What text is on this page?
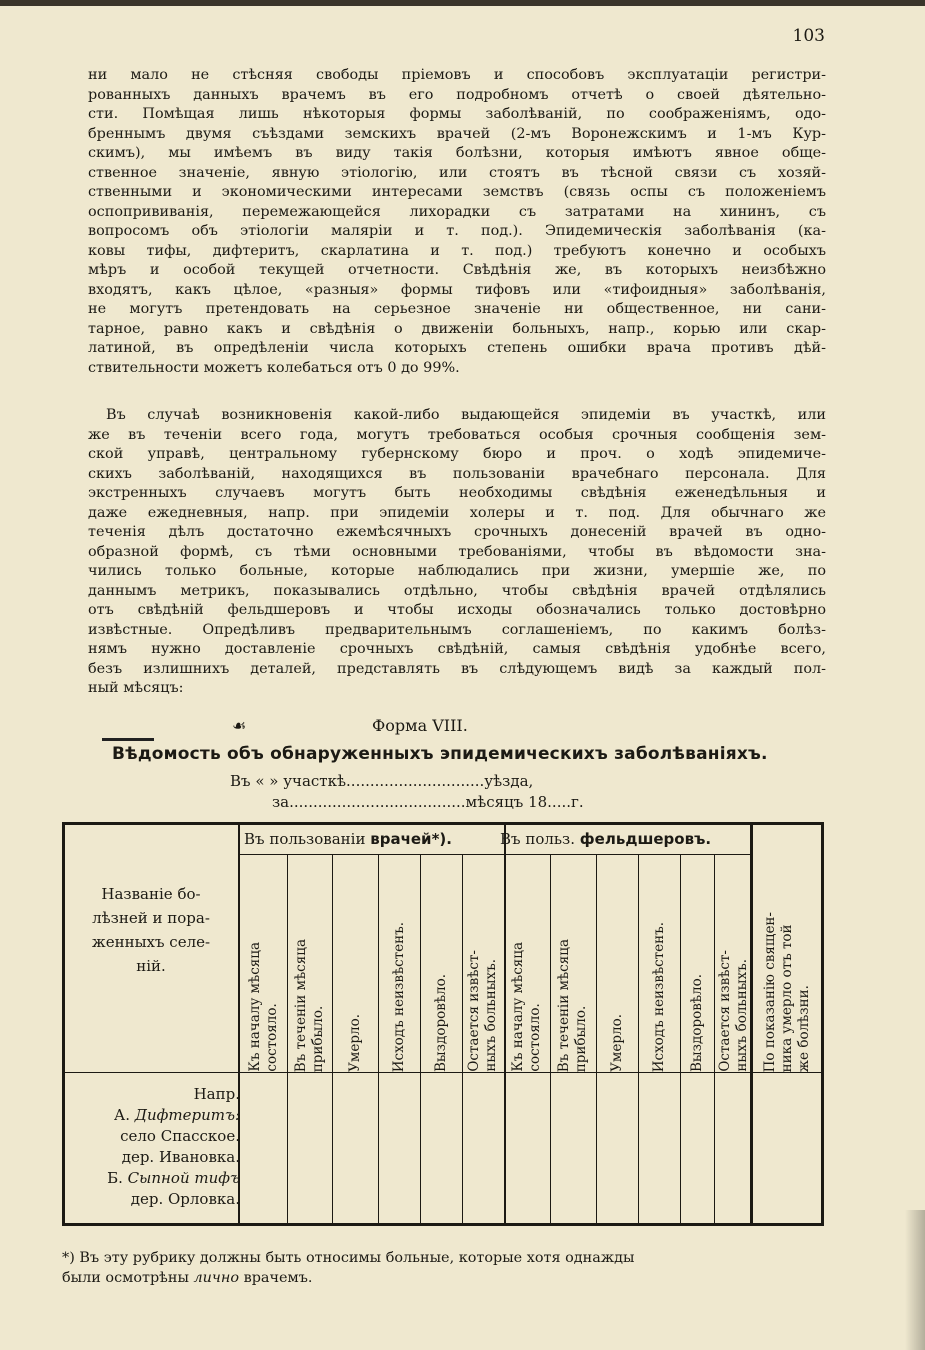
103

ни мало не стѣсняя свободы пріемовъ и способовъ эксплуатаціи регистри-

рованныхъ данныхъ врачемъ въ его подробномъ отчетѣ о своей дѣятельно-

сти. Помѣщая лишь нѣкоторыя формы заболѣваній, по соображеніямъ, одо-

бреннымъ двумя съѣздами земскихъ врачей (2-мъ Воронежскимъ и 1-мъ Кур-

скимъ), мы имѣемъ въ виду такія болѣзни, которыя имѣютъ явное обще-

ственное значеніе, явную этіологію, или стоятъ въ тѣсной связи съ хозяй-

ственными и экономическими интересами земствъ (связь оспы съ положеніемъ

оспопрививанія, перемежающейся лихорадки съ затратами на хининъ, съ

вопросомъ объ этіологіи маляріи и т. под.). Эпидемическія заболѣванія (ка-

ковы тифы, дифтеритъ, скарлатина и т. под.) требуютъ конечно и особыхъ

мѣръ и особой текущей отчетности. Свѣдѣнія же, въ которыхъ неизбѣжно

входятъ, какъ цѣлое, «разныя» формы тифовъ или «тифоидныя» заболѣванія,

не могутъ претендовать на серьезное значеніе ни общественное, ни сани-

тарное, равно какъ и свѣдѣнія о движеніи больныхъ, напр., корью или скар-

латиной, въ опредѣленіи числа которыхъ степень ошибки врача противъ дѣй-

ствительности можетъ колебаться отъ 0 до 99%.

Въ случаѣ возникновенія какой-либо выдающейся эпидеміи въ участкѣ, или

же въ теченіи всего года, могутъ требоваться особыя срочныя сообщенія зем-

ской управѣ, центральному губернскому бюро и проч. о ходѣ эпидемиче-

скихъ заболѣваній, находящихся въ пользованіи врачебнаго персонала. Для

экстренныхъ случаевъ могутъ быть необходимы свѣдѣнія еженедѣльныя и

даже ежедневныя, напр. при эпидеміи холеры и т. под. Для обычнаго же

теченія дѣлъ достаточно ежемѣсячныхъ срочныхъ донесеній врачей въ одно-

образной формѣ, съ тѣми основными требованіями, чтобы въ вѣдомости зна-

чились только больные, которые наблюдались при жизни, умершіе же, по

даннымъ метрикъ, показывались отдѣльно, чтобы свѣдѣнія врачей отдѣлялись

отъ свѣдѣній фельдшеровъ и чтобы исходы обозначались только достовѣрно

извѣстные. Опредѣливъ предварительнымъ соглашеніемъ, по какимъ болѣз-

нямъ нужно доставленіе срочныхъ свѣдѣній, самыя свѣдѣнія удобнѣе всего,

безъ излишнихъ деталей, представлять въ слѣдующемъ видѣ за каждый пол-

ный мѣсяцъ:

☙	Форма VIII.
Вѣдомость объ обнаруженныхъ эпидемическихъ заболѣваніяхъ.
Въ « » участкѣ.............................уѣзда,
за.....................................мѣсяцъ 18.....г.
Въ пользованіи врачей*).	Въ польз. фельдшеровъ.
Названіе бо-
лѣзней и пора-
женныхъ селе-
ній.
Къ началу мѣсяца
состояло. Въ теченіи мѣсяца
прибыло. Умерло. Исходъ неизвѣстенъ. Выздоровѣло. Остается извѣст-
ныхъ больныхъ.
Къ началу мѣсяца
состояло. Въ теченіи мѣсяца
прибыло. Умерло. Исходъ неизвѣстенъ. Выздоровѣло. Остается извѣст-
ныхъ больныхъ.
По показанію священ-
ника умерло отъ той
же болѣзни.
Напр.
А. Дифтеритъ:
село Спасское.
дер. Ивановка.
Б. Сыпной тифъ
дер. Орловка.
*) Въ эту рубрику должны быть относимы больные, которые хотя однажды
были осмотрѣны лично врачемъ.
